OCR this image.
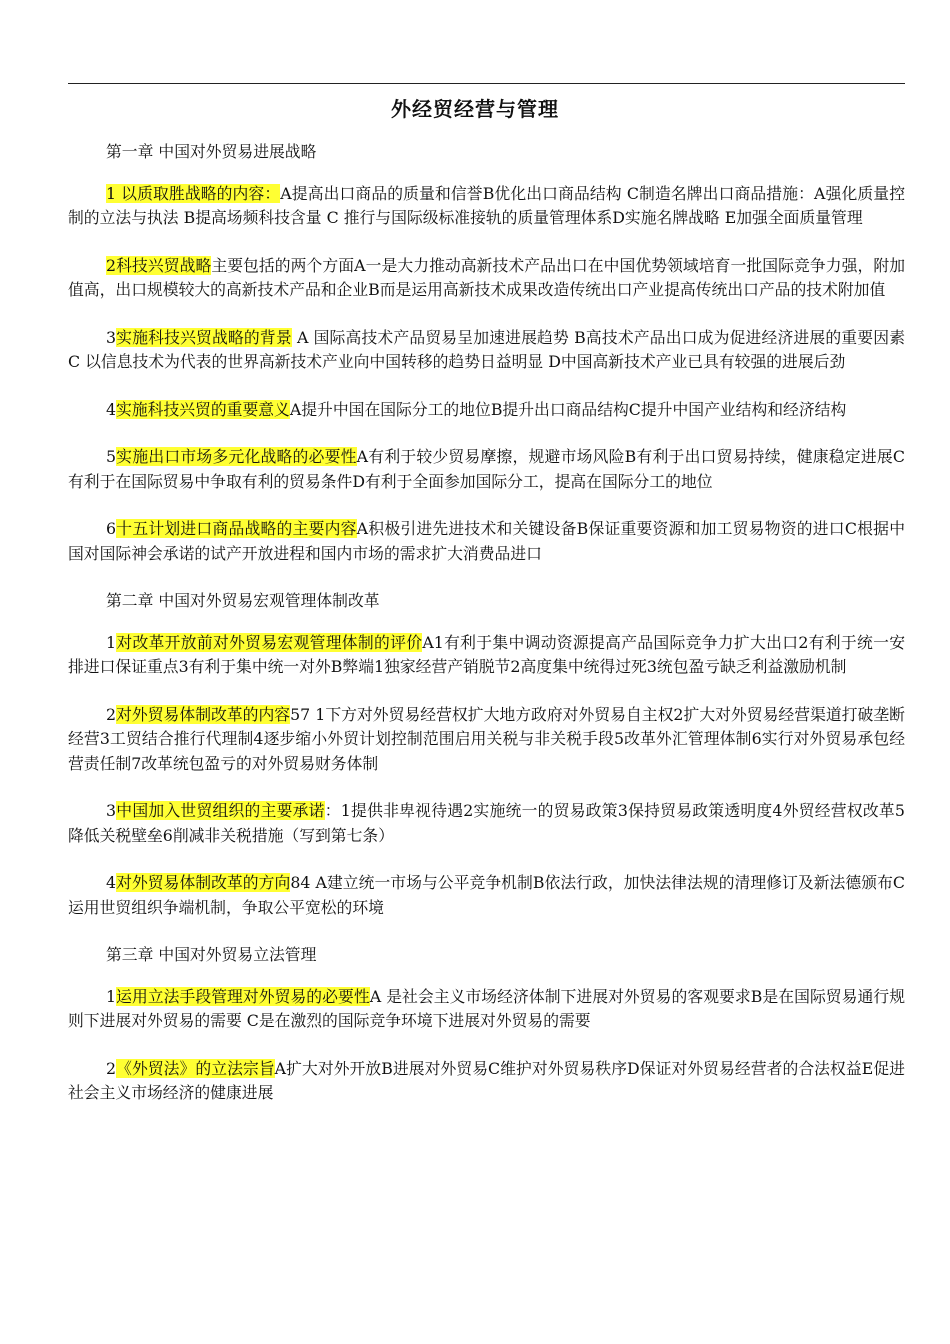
外经贸经营与管理

第一章 中国对外贸易进展战略

1 以质取胜战略的内容：A提高出口商品的质量和信誉B优化出口商品结构 C制造名牌出口商品措施：A强化质量控制的立法与执法 B提高场频科技含量 C 推行与国际级标准接轨的质量管理体系D实施名牌战略 E加强全面质量管理

2科技兴贸战略主要包括的两个方面A一是大力推动高新技术产品出口在中国优势领域培育一批国际竞争力强，附加值高，出口规模较大的高新技术产品和企业B而是运用高新技术成果改造传统出口产业提高传统出口产品的技术附加值

3实施科技兴贸战略的背景 A 国际高技术产品贸易呈加速进展趋势 B高技术产品出口成为促进经济进展的重要因素 C 以信息技术为代表的世界高新技术产业向中国转移的趋势日益明显 D中国高新技术产业已具有较强的进展后劲

4实施科技兴贸的重要意义A提升中国在国际分工的地位B提升出口商品结构C提升中国产业结构和经济结构

5实施出口市场多元化战略的必要性A有利于较少贸易摩擦，规避市场风险B有利于出口贸易持续，健康稳定进展C有利于在国际贸易中争取有利的贸易条件D有利于全面参加国际分工，提高在国际分工的地位

6十五计划进口商品战略的主要内容A积极引进先进技术和关键设备B保证重要资源和加工贸易物资的进口C根据中国对国际神会承诺的试产开放进程和国内市场的需求扩大消费品进口

第二章 中国对外贸易宏观管理体制改革

1对改革开放前对外贸易宏观管理体制的评价A1有利于集中调动资源提高产品国际竞争力扩大出口2有利于统一安排进口保证重点3有利于集中统一对外B弊端1独家经营产销脱节2高度集中统得过死3统包盈亏缺乏利益激励机制

2对外贸易体制改革的内容57 1下方对外贸易经营权扩大地方政府对外贸易自主权2扩大对外贸易经营渠道打破垄断经营3工贸结合推行代理制4逐步缩小外贸计划控制范围启用关税与非关税手段5改革外汇管理体制6实行对外贸易承包经营责任制7改革统包盈亏的对外贸易财务体制

3中国加入世贸组织的主要承诺：1提供非卑视待遇2实施统一的贸易政策3保持贸易政策透明度4外贸经营权改革5降低关税壁垒6削减非关税措施（写到第七条）

4对外贸易体制改革的方向84 A建立统一市场与公平竞争机制B依法行政，加快法律法规的清理修订及新法德颁布C运用世贸组织争端机制，争取公平宽松的环境

第三章 中国对外贸易立法管理

1运用立法手段管理对外贸易的必要性A 是社会主义市场经济体制下进展对外贸易的客观要求B是在国际贸易通行规则下进展对外贸易的需要 C是在激烈的国际竞争环境下进展对外贸易的需要

2《外贸法》的立法宗旨A扩大对外开放B进展对外贸易C维护对外贸易秩序D保证对外贸易经营者的合法权益E促进社会主义市场经济的健康进展
